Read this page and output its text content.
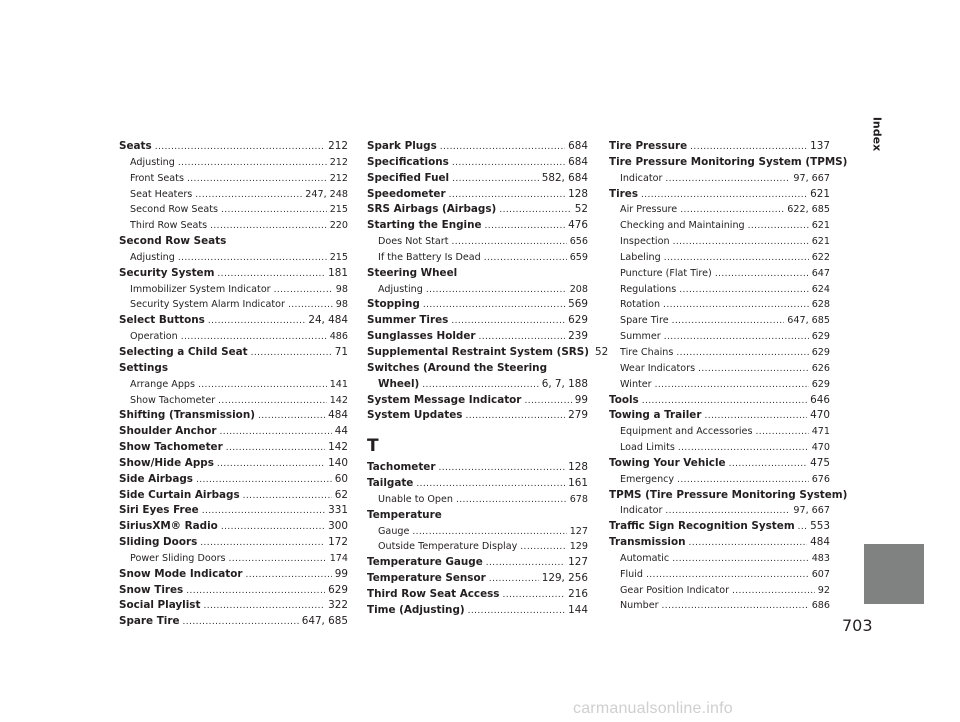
Seats .....	212
Adjusting .....	212
Front Seats .....	212
Seat Heaters .....	247, 248
Second Row Seats .....	215
Third Row Seats .....	220
Second Row Seats
Adjusting .....	215
Security System .....	181
Immobilizer System Indicator .....	98
Security System Alarm Indicator .....	98
Select Buttons .....	24, 484
Operation .....	486
Selecting a Child Seat .....	71
Settings
Arrange Apps .....	141
Show Tachometer .....	142
Shifting (Transmission) .....	484
Shoulder Anchor .....	44
Show Tachometer .....	142
Show/Hide Apps .....	140
Side Airbags .....	60
Side Curtain Airbags .....	62
Siri Eyes Free .....	331
SiriusXM® Radio .....	300
Sliding Doors .....	172
Power Sliding Doors .....	174
Snow Mode Indicator .....	99
Snow Tires .....	629
Social Playlist .....	322
Spare Tire .....	647, 685
Spark Plugs .....	684
Specifications .....	684
Specified Fuel .....	582, 684
Speedometer .....	128
SRS Airbags (Airbags) .....	52
Starting the Engine .....	476
Does Not Start .....	656
If the Battery Is Dead .....	659
Steering Wheel
Adjusting .....	208
Stopping .....	569
Summer Tires .....	629
Sunglasses Holder .....	239
Supplemental Restraint System (SRS) 52
Switches (Around the Steering
Wheel) .....	6, 7, 188
System Message Indicator .....	99
System Updates .....	279
T
Tachometer .....	128
Tailgate .....	161
Unable to Open .....	678
Temperature
Gauge .....	127
Outside Temperature Display .....	129
Temperature Gauge .....	127
Temperature Sensor .....	129, 256
Third Row Seat Access .....	216
Time (Adjusting) .....	144
Tire Pressure .....	137
Tire Pressure Monitoring System (TPMS)
Indicator .....	97, 667
Tires .....	621
Air Pressure .....	622, 685
Checking and Maintaining .....	621
Inspection .....	621
Labeling .....	622
Puncture (Flat Tire) .....	647
Regulations .....	624
Rotation .....	628
Spare Tire .....	647, 685
Summer .....	629
Tire Chains .....	629
Wear Indicators .....	626
Winter .....	629
Tools .....	646
Towing a Trailer .....	470
Equipment and Accessories .....	471
Load Limits .....	470
Towing Your Vehicle .....	475
Emergency .....	676
TPMS (Tire Pressure Monitoring System)
Indicator .....	97, 667
Traffic Sign Recognition System ..... 553
Transmission .....	484
Automatic .....	483
Fluid .....	607
Gear Position Indicator .....	92
Number .....	686
Index
703
carmanualsonline.info
